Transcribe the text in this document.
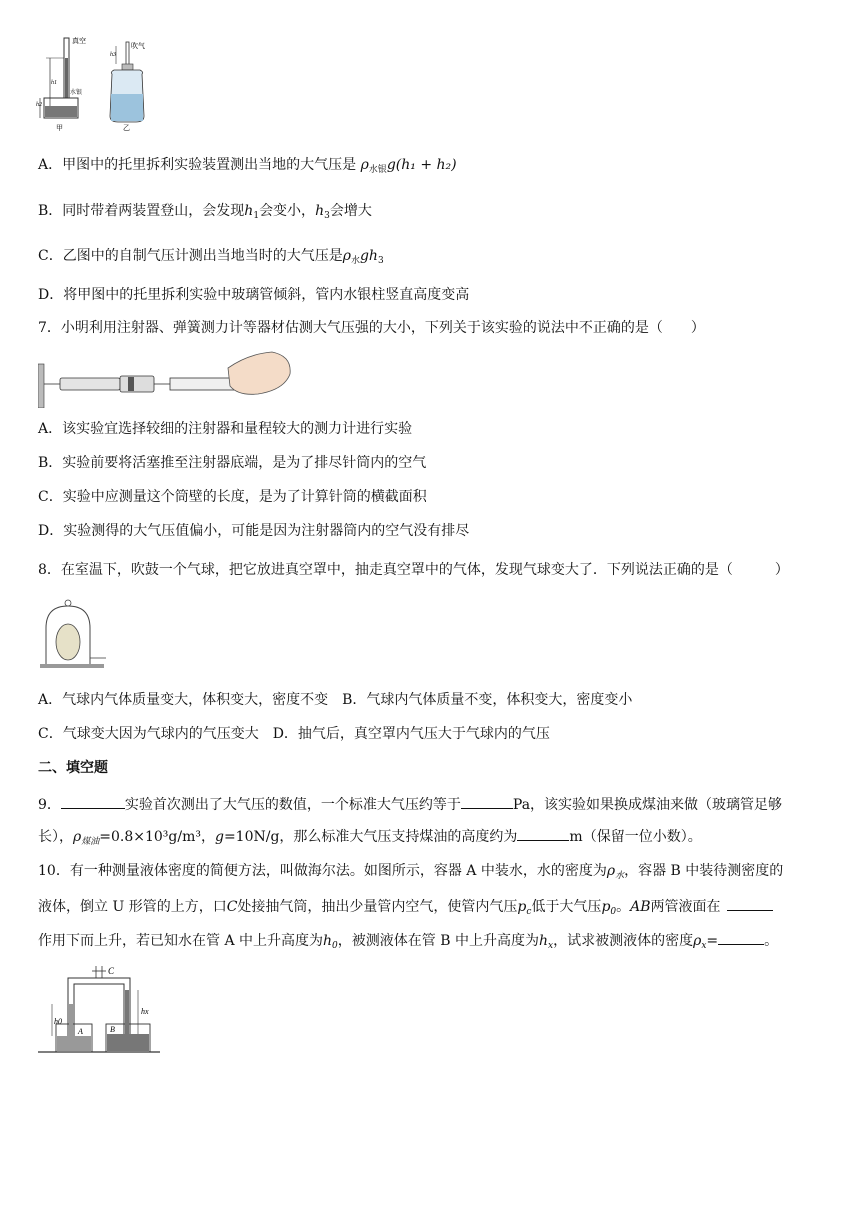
真空
h1
h2
水银
甲
吹气
h3
乙
A．甲图中的托里拆利实验装置测出当地的大气压是 $\rho_{水银}g(h_1 + h_2)$
B．同时带着两装置登山，会发现$h_1$会变小，$h_3$会增大
C．乙图中的自制气压计测出当地当时的大气压是$\rho_水gh_3$
D．将甲图中的托里拆利实验中玻璃管倾斜，管内水银柱竖直高度变高
7．小明利用注射器、弹簧测力计等器材估测大气压强的大小，下列关于该实验的说法中不正确的是（　　）
A．该实验宜选择较细的注射器和量程较大的测力计进行实验
B．实验前要将活塞推至注射器底端，是为了排尽针筒内的空气
C．实验中应测量这个筒壁的长度，是为了计算针筒的横截面积
D．实验测得的大气压值偏小，可能是因为注射器筒内的空气没有排尽
8．在室温下，吹鼓一个气球，把它放进真空罩中，抽走真空罩中的气体，发现气球变大了．下列说法正确的是（　　　）
A．气球内气体质量变大，体积变大，密度不变　B．气球内气体质量不变，体积变大，密度变小
C．气球变大因为气球内的气压变大　D．抽气后，真空罩内气压大于气球内的气压
二、填空题
9．	实验首次测出了大气压的数值，一个标准大气压约等于	Pa，该实验如果换成煤油来做（玻璃管足够
长），$\rho_{煤油}=0.8\times 10^3g/m^3$，g=10N/g，那么标准大气压支持煤油的高度约为	m（保留一位小数）。
10．有一种测量液体密度的简便方法，叫做海尔法。如图所示，容器 A 中装水，水的密度为$\rho_水$，容器 B 中装待测密度的
液体，倒立 U 形管的上方，口C处接抽气筒，抽出少量管内空气，使管内气压$p_c$低于大气压$p_0$。AB两管液面在
作用下而上升，若已知水在管 A 中上升高度为$h_0$，被测液体在管 B 中上升高度为$h_x$，试求被测液体的密度$\rho_x=$	。
C
h0
hx
A	B
